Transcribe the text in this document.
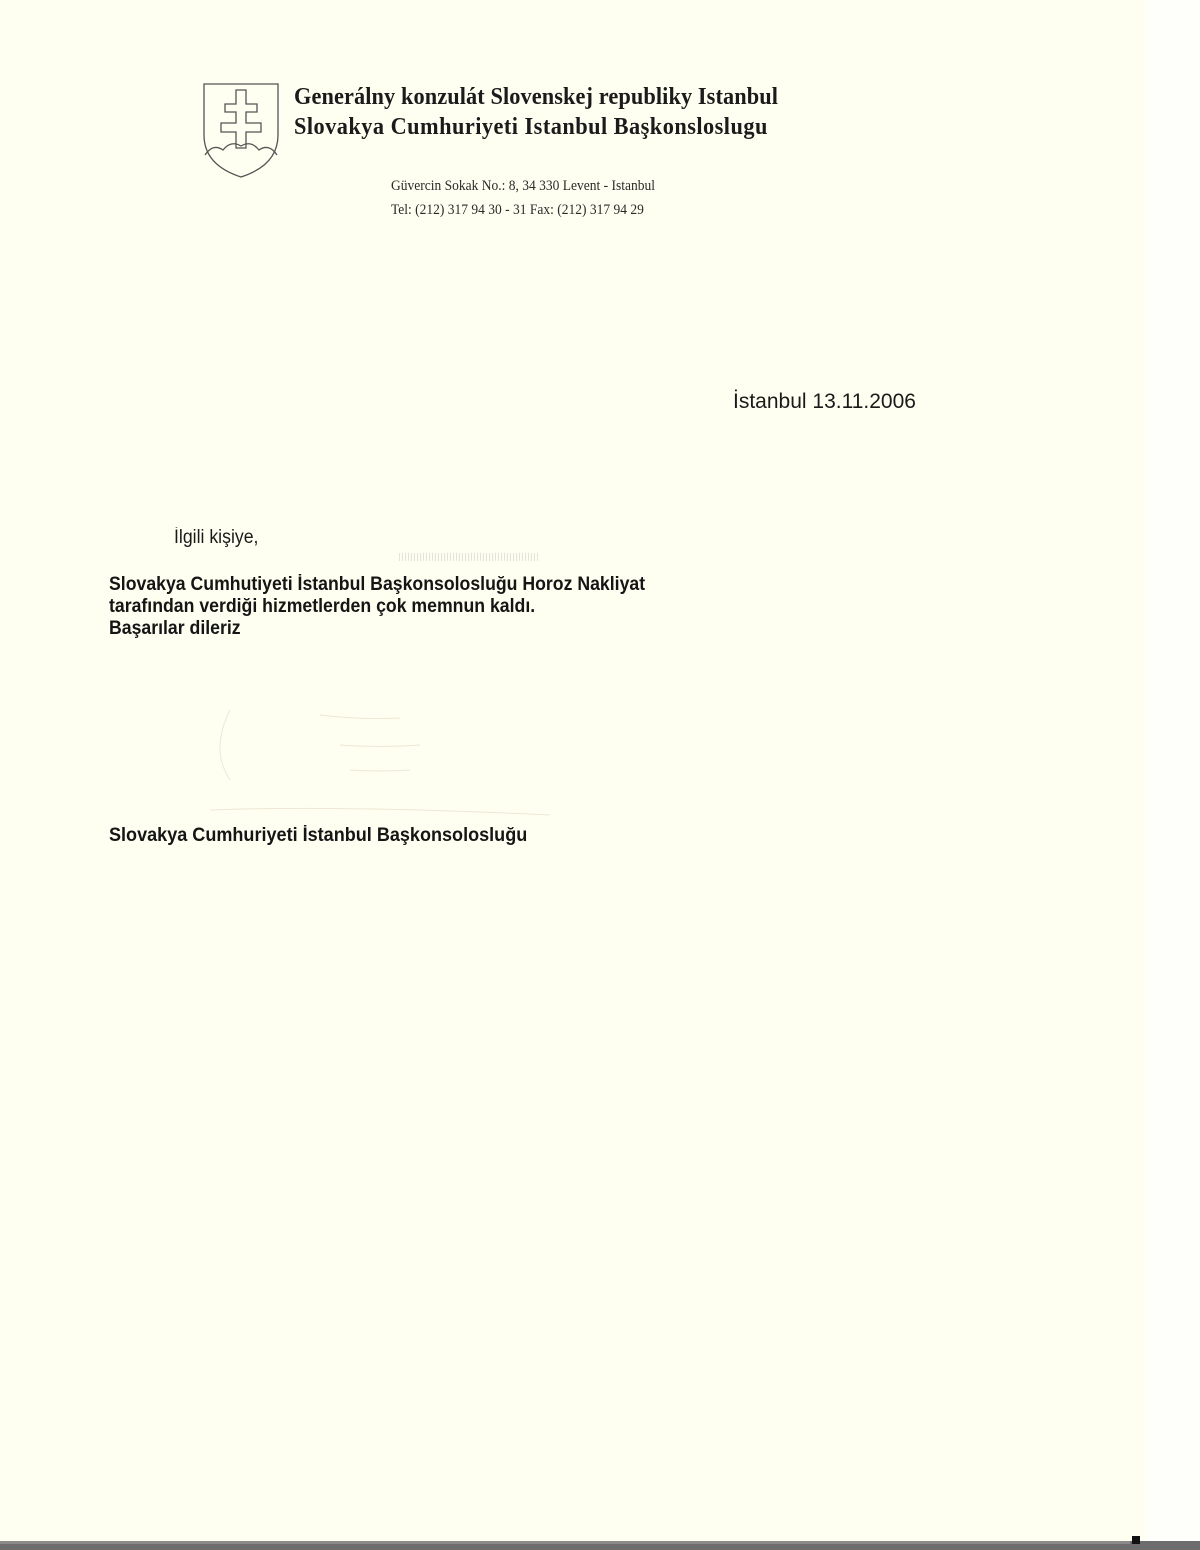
Generálny konzulát Slovenskej republiky Istanbul
Slovakya Cumhuriyeti Istanbul Başkonsloslugu
Güvercin Sokak No.: 8, 34 330 Levent - Istanbul
Tel: (212) 317 94 30 - 31 Fax: (212) 317 94 29
İstanbul 13.11.2006
İlgili kişiye,
Slovakya Cumhutiyeti İstanbul Başkonsolosluğu Horoz Nakliyat
tarafından verdiği hizmetlerden çok memnun kaldı.
Başarılar dileriz
Slovakya Cumhuriyeti İstanbul Başkonsolosluğu
